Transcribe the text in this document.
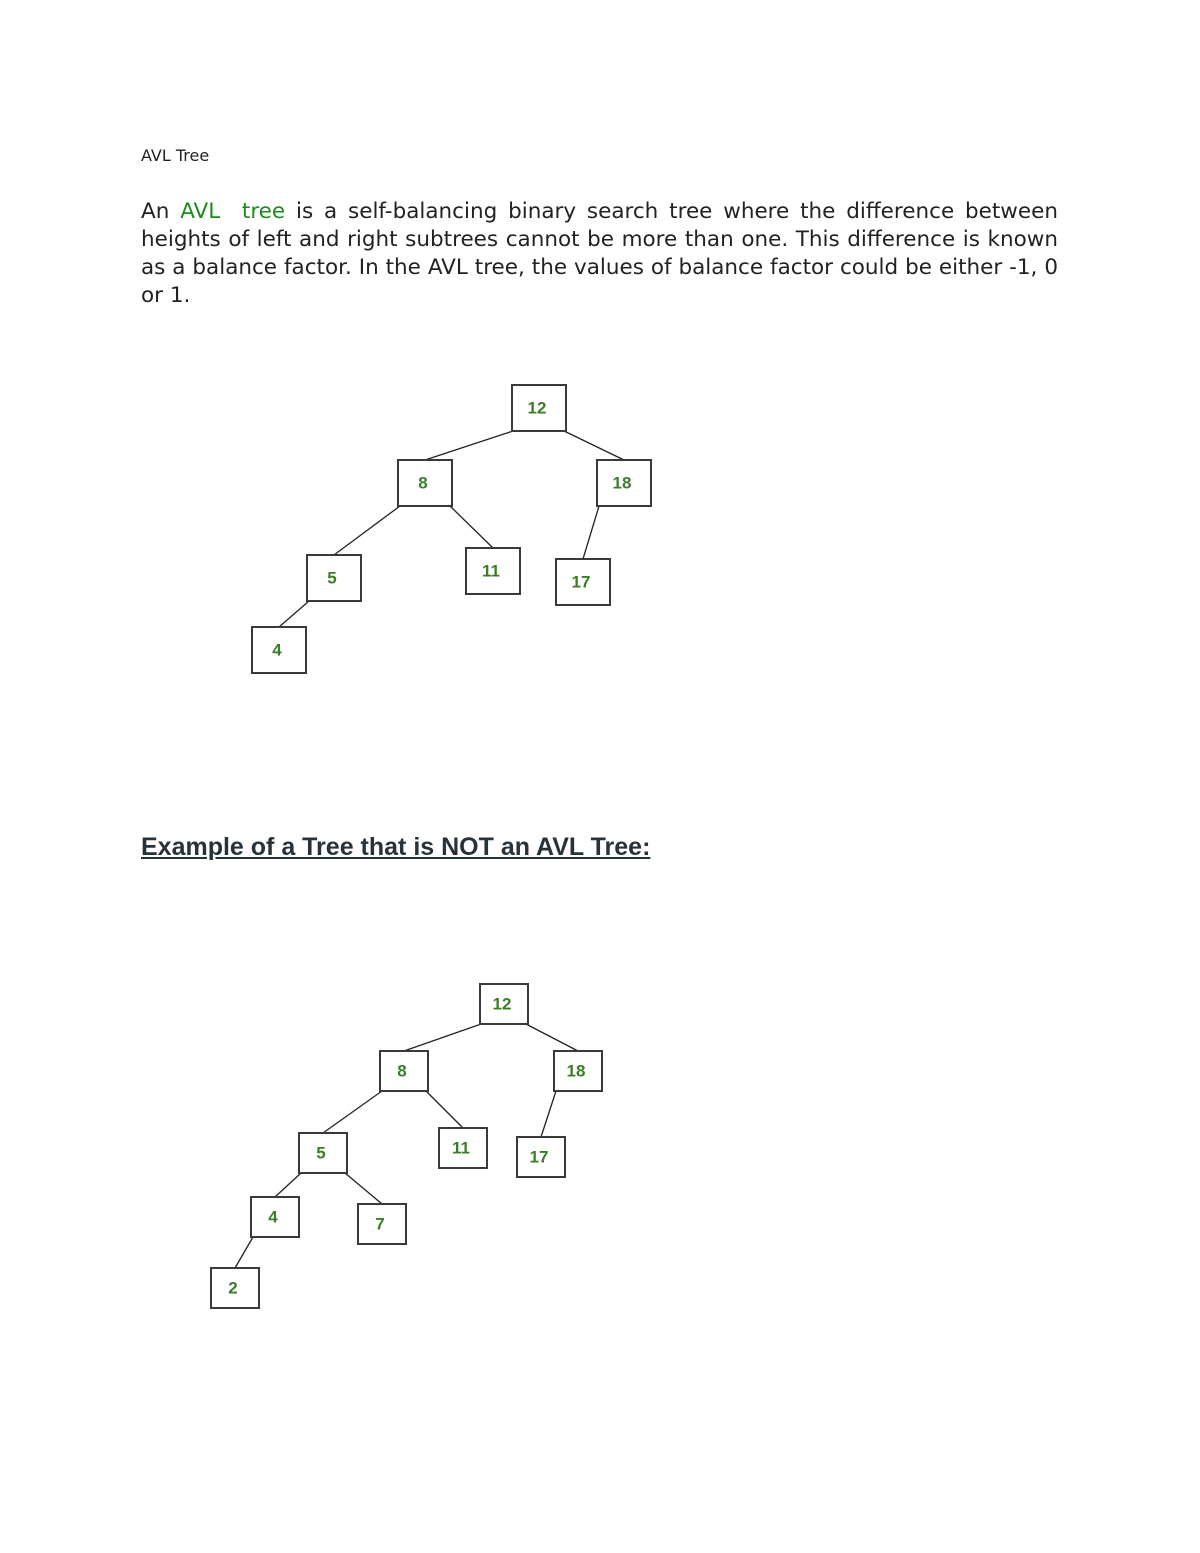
AVL Tree

An AVL  tree is a self-balancing binary search tree where the difference between heights of left and right subtrees cannot be more than one. This difference is known as a balance factor. In the AVL tree, the values of balance factor could be either -1, 0 or 1.

12
8	18
5	11
17
4
Example of a Tree that is NOT an AVL Tree:
12
8	18
5	11	17
4	7
2
